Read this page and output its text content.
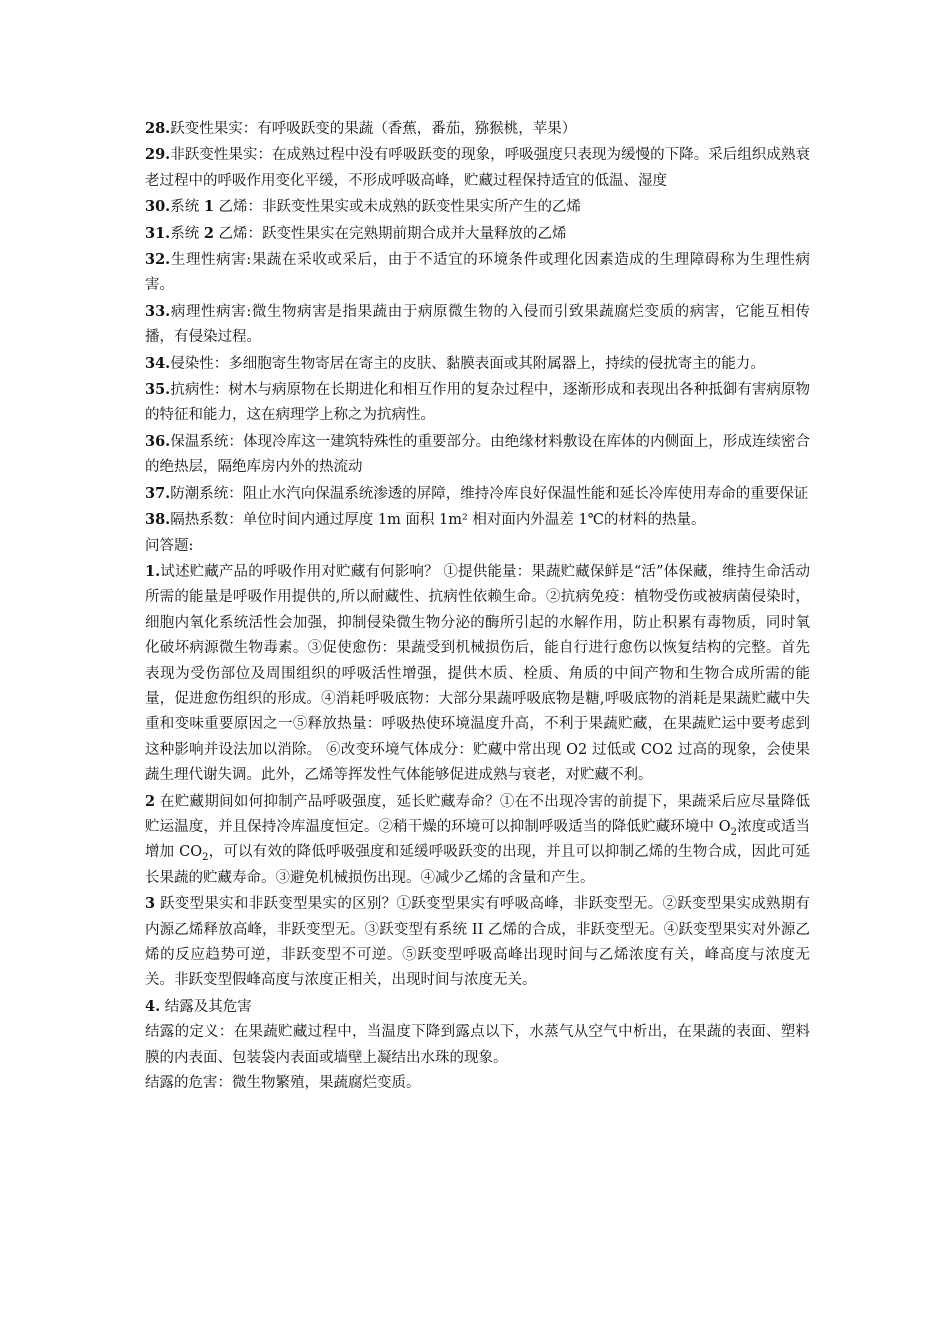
28.跃变性果实：有呼吸跃变的果蔬（香蕉，番茄，猕猴桃，苹果）

29.非跃变性果实：在成熟过程中没有呼吸跃变的现象，呼吸强度只表现为缓慢的下降。采后组织成熟衰老过程中的呼吸作用变化平缓，不形成呼吸高峰，贮藏过程保持适宜的低温、湿度

30.系统 1 乙烯：非跃变性果实或未成熟的跃变性果实所产生的乙烯

31.系统 2 乙烯：跃变性果实在完熟期前期合成并大量释放的乙烯

32.生理性病害:果蔬在采收或采后，由于不适宜的环境条件或理化因素造成的生理障碍称为生理性病害。

33.病理性病害:微生物病害是指果蔬由于病原微生物的入侵而引致果蔬腐烂变质的病害，它能互相传播，有侵染过程。

34.侵染性：多细胞寄生物寄居在寄主的皮肤、黏膜表面或其附属器上，持续的侵扰寄主的能力。

35.抗病性：树木与病原物在长期进化和相互作用的复杂过程中，逐渐形成和表现出各种抵御有害病原物的特征和能力，这在病理学上称之为抗病性。

36.保温系统：体现冷库这一建筑特殊性的重要部分。由绝缘材料敷设在库体的内侧面上，形成连续密合的绝热层，隔绝库房内外的热流动

37.防潮系统：阻止水汽向保温系统渗透的屏障，维持冷库良好保温性能和延长冷库使用寿命的重要保证

38.隔热系数：单位时间内通过厚度 1m 面积 1m² 相对面内外温差 1℃的材料的热量。

问答题:

1.试述贮藏产品的呼吸作用对贮藏有何影响？ ①提供能量：果蔬贮藏保鲜是“活”体保藏，维持生命活动所需的能量是呼吸作用提供的,所以耐藏性、抗病性依赖生命。②抗病免疫：植物受伤或被病菌侵染时，细胞内氧化系统活性会加强，抑制侵染微生物分泌的酶所引起的水解作用，防止积累有毒物质，同时氧化破坏病源微生物毒素。③促使愈伤：果蔬受到机械损伤后，能自行进行愈伤以恢复结构的完整。首先表现为受伤部位及周围组织的呼吸活性增强，提供木质、栓质、角质的中间产物和生物合成所需的能量，促进愈伤组织的形成。④消耗呼吸底物：大部分果蔬呼吸底物是糖,呼吸底物的消耗是果蔬贮藏中失重和变味重要原因之一⑤释放热量：呼吸热使环境温度升高，不利于果蔬贮藏，在果蔬贮运中要考虑到这种影响并设法加以消除。 ⑥改变环境气体成分：贮藏中常出现 O2 过低或 CO2 过高的现象，会使果蔬生理代谢失调。此外，乙烯等挥发性气体能够促进成熟与衰老，对贮藏不利。

2 在贮藏期间如何抑制产品呼吸强度，延长贮藏寿命？①在不出现冷害的前提下，果蔬采后应尽量降低贮运温度，并且保持冷库温度恒定。②稍干燥的环境可以抑制呼吸适当的降低贮藏环境中 $O_2$浓度或适当增加 $CO_2$，可以有效的降低呼吸强度和延缓呼吸跃变的出现，并且可以抑制乙烯的生物合成，因此可延长果蔬的贮藏寿命。③避免机械损伤出现。④减少乙烯的含量和产生。

3 跃变型果实和非跃变型果实的区别？①跃变型果实有呼吸高峰，非跃变型无。②跃变型果实成熟期有内源乙烯释放高峰，非跃变型无。③跃变型有系统 II 乙烯的合成，非跃变型无。④跃变型果实对外源乙烯的反应趋势可逆，非跃变型不可逆。⑤跃变型呼吸高峰出现时间与乙烯浓度有关，峰高度与浓度无关。非跃变型假峰高度与浓度正相关，出现时间与浓度无关。

4. 结露及其危害

结露的定义：在果蔬贮藏过程中，当温度下降到露点以下，水蒸气从空气中析出，在果蔬的表面、塑料膜的内表面、包装袋内表面或墙壁上凝结出水珠的现象。

结露的危害：微生物繁殖，果蔬腐烂变质。
